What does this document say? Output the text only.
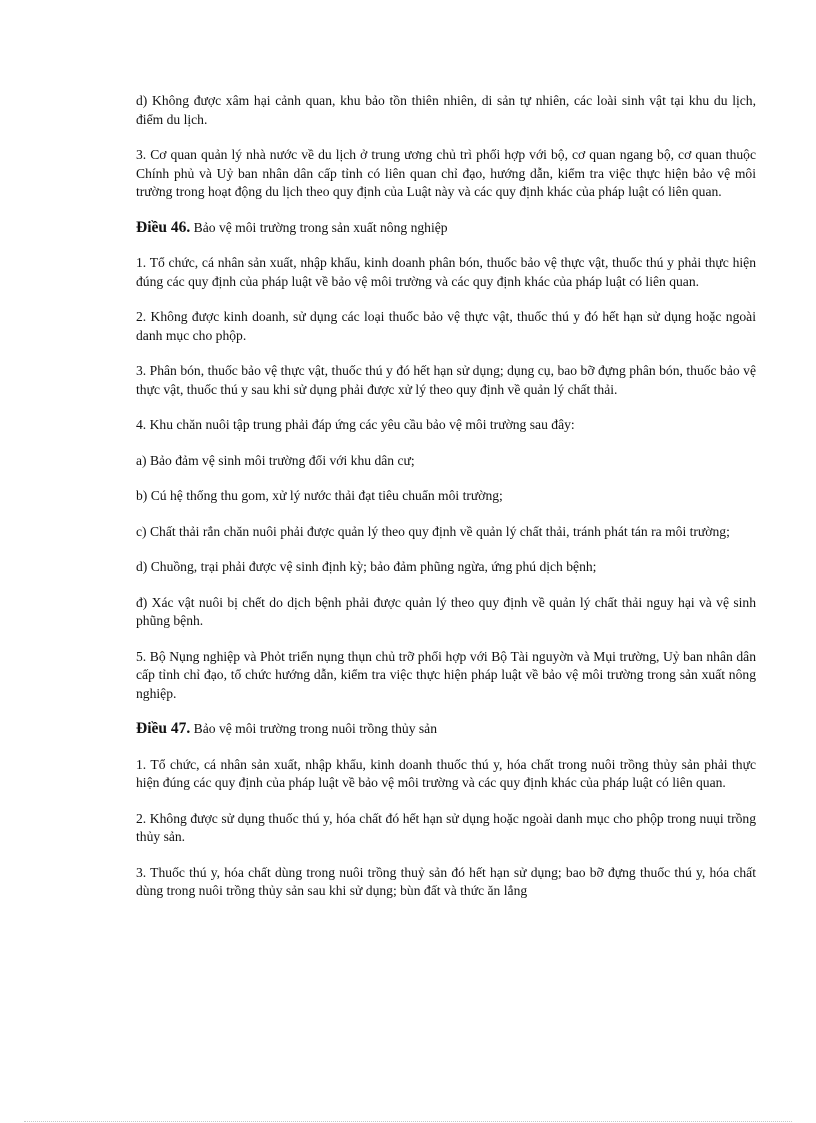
d) Không được xâm hại cảnh quan, khu bảo tồn thiên nhiên, di sản tự nhiên, các loài sinh vật tại khu du lịch, điểm du lịch.

3. Cơ quan quản lý nhà nước về du lịch ở trung ương chủ trì phối hợp với bộ, cơ quan ngang bộ, cơ quan thuộc Chính phủ và Uỷ ban nhân dân cấp tỉnh có liên quan chỉ đạo, hướng dẫn, kiểm tra việc thực hiện bảo vệ môi trường trong hoạt động du lịch theo quy định của Luật này và các quy định khác của pháp luật có liên quan.

Điều 46. Bảo vệ môi trường trong sản xuất nông nghiệp

1. Tổ chức, cá nhân sản xuất, nhập khẩu, kinh doanh phân bón, thuốc bảo vệ thực vật, thuốc thú y phải thực hiện đúng các quy định của pháp luật về bảo vệ môi trường và các quy định khác của pháp luật có liên quan.

2. Không được kinh doanh, sử dụng các loại thuốc bảo vệ thực vật, thuốc thú y đó hết hạn sử dụng hoặc ngoài danh mục cho phộp.

3. Phân bón, thuốc bảo vệ thực vật, thuốc thú y đó hết hạn sử dụng; dụng cụ, bao bỡ đựng phân bón, thuốc bảo vệ thực vật, thuốc thú y sau khi sử dụng phải được xử lý theo quy định về quản lý chất thải.

4. Khu chăn nuôi tập trung phải đáp ứng các yêu cầu bảo vệ môi trường sau đây:

a) Bảo đảm vệ sinh môi trường đối với khu dân cư;

b) Cú hệ thống thu gom, xử lý nước thải đạt tiêu chuẩn môi trường;

c) Chất thải rắn chăn nuôi phải được quản lý theo quy định về quản lý chất thải, tránh phát tán ra môi trường;

d) Chuồng, trại phải được vệ sinh định kỳ; bảo đảm phũng ngừa, ứng phú dịch bệnh;

đ) Xác vật nuôi bị chết do dịch bệnh phải được quản lý theo quy định về quản lý chất thải nguy hại và vệ sinh phũng bệnh.

5. Bộ Nụng nghiệp và Phỏt triển nụng thụn chủ trỡ phối hợp với Bộ Tài nguyờn và Mụi trường, Uỷ ban nhân dân cấp tỉnh chỉ đạo, tổ chức hướng dẫn, kiểm tra việc thực hiện pháp luật về bảo vệ môi trường trong sản xuất nông nghiệp.

Điều 47. Bảo vệ môi trường trong nuôi trồng thủy sản

1. Tổ chức, cá nhân sản xuất, nhập khẩu, kinh doanh thuốc thú y, hóa chất trong nuôi trồng thủy sản phải thực hiện đúng các quy định của pháp luật về bảo vệ môi trường và các quy định khác của pháp luật có liên quan.

2. Không được sử dụng thuốc thú y, hóa chất đó hết hạn sử dụng hoặc ngoài danh mục cho phộp trong nuụi trồng thủy sản.

3. Thuốc thú y, hóa chất dùng trong nuôi trồng thuỷ sản đó hết hạn sử dụng; bao bỡ đựng thuốc thú y, hóa chất dùng trong nuôi trồng thủy sản sau khi sử dụng; bùn đất và thức ăn lắng
